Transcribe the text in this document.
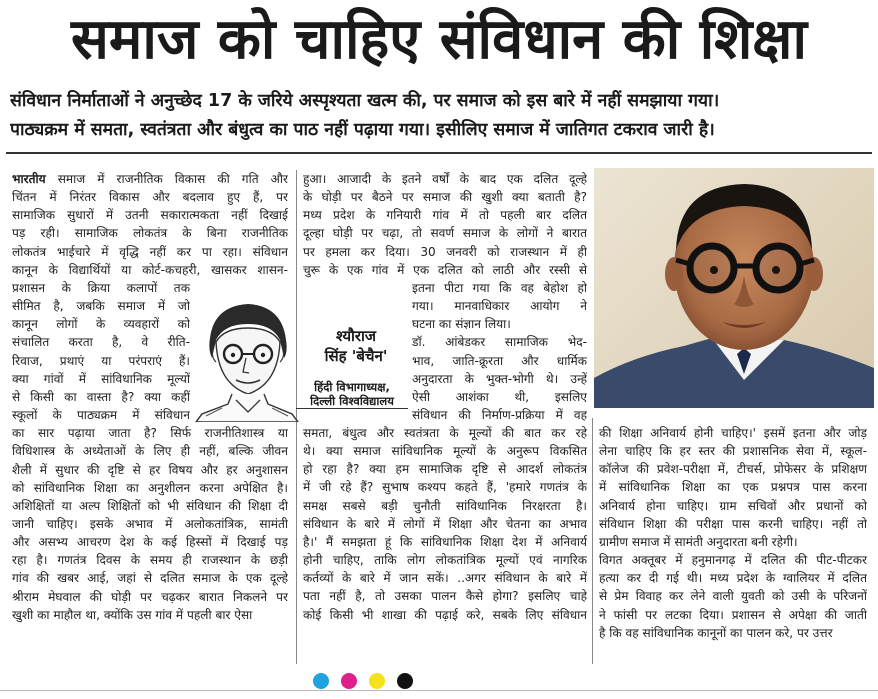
समाज को चाहिए संविधान की शिक्षा
संविधान निर्माताओं ने अनुच्छेद 17 के जरिये अस्पृश्यता खत्म की, पर समाज को इस बारे में नहीं समझाया गया।
पाठ्यक्रम में समता, स्वतंत्रता और बंधुत्व का पाठ नहीं पढ़ाया गया। इसीलिए समाज में जातिगत टकराव जारी है।

भारतीय समाज में राजनीतिक विकास की गति और

चिंतन में निरंतर विकास और बदलाव हुए हैं, पर

सामाजिक सुधारों में उतनी सकारात्मकता नहीं दिखाई

पड़ रही। सामाजिक लोकतंत्र के बिना राजनीतिक

लोकतंत्र भाईचारे में वृद्धि नहीं कर पा रहा। संविधान

कानून के विद्यार्थियों या कोर्ट-कचहरी, खासकर शासन-

प्रशासन के क्रिया कलापों तक

सीमित है, जबकि समाज में जो

कानून लोगों के व्यवहारों को

संचालित करता है, वे रीति-

रिवाज, प्रथाएं या परंपराएं हैं।

क्या गांवों में सांविधानिक मूल्यों

से किसी का वास्ता है? क्या कहीं

स्कूलों के पाठ्यक्रम में संविधान

का सार पढ़ाया जाता है? सिर्फ राजनीतिशास्त्र या

विधिशास्त्र के अध्येताओं के लिए ही नहीं, बल्कि जीवन

शैली में सुधार की दृष्टि से हर विषय और हर अनुशासन

को सांविधानिक शिक्षा का अनुशीलन करना अपेक्षित है।

अशिक्षितों या अल्प शिक्षितों को भी संविधान की शिक्षा दी

जानी चाहिए। इसके अभाव में अलोकतांत्रिक, सामंती

और असभ्य आचरण देश के कई हिस्सों में दिखाई पड़

रहा है। गणतंत्र दिवस के समय ही राजस्थान के छड़ी

गांव की खबर आई, जहां से दलित समाज के एक दूल्हे

श्रीराम मेघवाल की घोड़ी पर चढ़कर बारात निकलने पर

खुशी का माहौल था, क्योंकि उस गांव में पहली बार ऐसा

हुआ। आजादी के इतने वर्षों के बाद एक दलित दूल्हे

के घोड़ी पर बैठने पर समाज की खुशी क्या बताती है?

मध्य प्रदेश के गनियारी गांव में तो पहली बार दलित

दूल्हा घोड़ी पर चढ़ा, तो सवर्ण समाज के लोगों ने बारात

पर हमला कर दिया। 30 जनवरी को राजस्थान में ही

चुरू के एक गांव में एक दलित को लाठी और रस्सी से

इतना पीटा गया कि वह बेहोश हो

गया। मानवाधिकार आयोग ने

घटना का संज्ञान लिया।

डॉ. आंबेडकर सामाजिक भेद-

भाव, जाति-क्रूरता और धार्मिक

अनुदारता के भुक्त-भोगी थे। उन्हें

ऐसी आशंका थी, इसलिए

संविधान की निर्माण-प्रक्रिया में वह

समता, बंधुत्व और स्वतंत्रता के मूल्यों की बात कर रहे

थे। क्या समाज सांविधानिक मूल्यों के अनुरूप विकसित

हो रहा है? क्या हम सामाजिक दृष्टि से आदर्श लोकतंत्र

में जी रहे हैं? सुभाष कश्यप कहते हैं, 'हमारे गणतंत्र के

समक्ष सबसे बड़ी चुनौती सांविधानिक निरक्षरता है।

संविधान के बारे में लोगों में शिक्षा और चेतना का अभाव

है।' मैं समझता हूं कि सांविधानिक शिक्षा देश में अनिवार्य

होनी चाहिए, ताकि लोग लोकतांत्रिक मूल्यों एवं नागरिक

कर्तव्यों के बारे में जान सकें। ..अगर संविधान के बारे में

पता नहीं है, तो उसका पालन कैसे होगा? इसलिए चाहे

कोई किसी भी शाखा की पढ़ाई करे, सबके लिए संविधान

श्यौराज
सिंह 'बेचैन'
हिंदी विभागाध्यक्ष,
दिल्ली विश्वविद्यालय

की शिक्षा अनिवार्य होनी चाहिए।' इसमें इतना और जोड़

लेना चाहिए कि हर स्तर की प्रशासनिक सेवा में, स्कूल-

कॉलेज की प्रवेश-परीक्षा में, टीचर्स, प्रोफेसर के प्रशिक्षण

में सांविधानिक शिक्षा का एक प्रश्नपत्र पास करना

अनिवार्य होना चाहिए। ग्राम सचिवों और प्रधानों को

संविधान शिक्षा की परीक्षा पास करनी चाहिए। नहीं तो

ग्रामीण समाज में सामंती अनुदारता बनी रहेगी।

विगत अक्तूबर में हनुमानगढ़ में दलित की पीट-पीटकर

हत्या कर दी गई थी। मध्य प्रदेश के ग्वालियर में दलित

से प्रेम विवाह कर लेने वाली युवती को उसी के परिजनों

ने फांसी पर लटका दिया। प्रशासन से अपेक्षा की जाती

है कि वह सांविधानिक कानूनों का पालन करे, पर उत्तर
